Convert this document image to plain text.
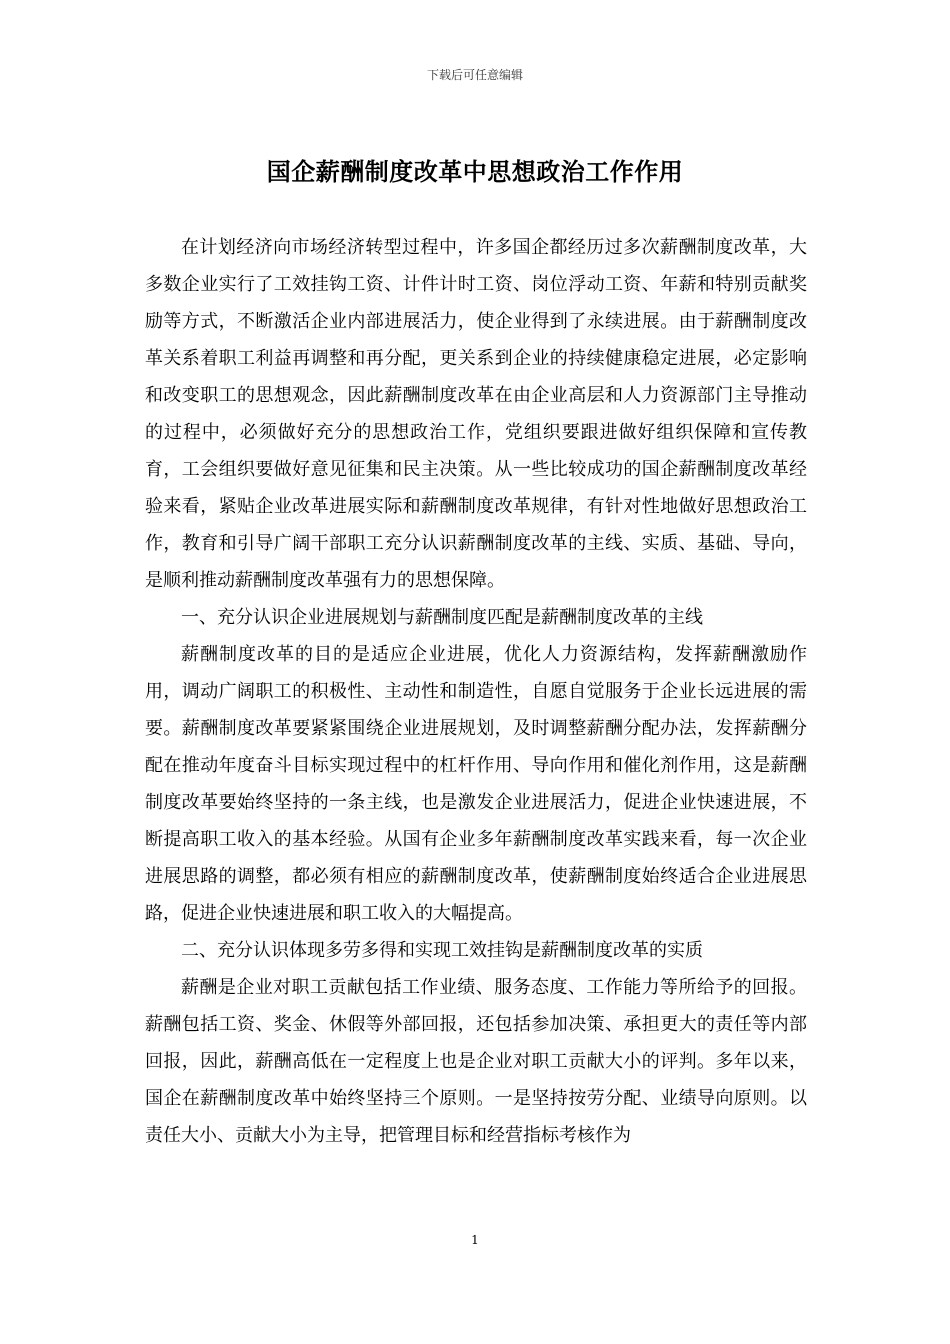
下载后可任意编辑
国企薪酬制度改革中思想政治工作作用

在计划经济向市场经济转型过程中，许多国企都经历过多次薪酬制度改革，大多数企业实行了工效挂钩工资、计件计时工资、岗位浮动工资、年薪和特别贡献奖励等方式，不断激活企业内部进展活力，使企业得到了永续进展。由于薪酬制度改革关系着职工利益再调整和再分配，更关系到企业的持续健康稳定进展，必定影响和改变职工的思想观念，因此薪酬制度改革在由企业高层和人力资源部门主导推动的过程中，必须做好充分的思想政治工作，党组织要跟进做好组织保障和宣传教育，工会组织要做好意见征集和民主决策。从一些比较成功的国企薪酬制度改革经验来看，紧贴企业改革进展实际和薪酬制度改革规律，有针对性地做好思想政治工作，教育和引导广阔干部职工充分认识薪酬制度改革的主线、实质、基础、导向，是顺利推动薪酬制度改革强有力的思想保障。

一、充分认识企业进展规划与薪酬制度匹配是薪酬制度改革的主线

薪酬制度改革的目的是适应企业进展，优化人力资源结构，发挥薪酬激励作用，调动广阔职工的积极性、主动性和制造性，自愿自觉服务于企业长远进展的需要。薪酬制度改革要紧紧围绕企业进展规划，及时调整薪酬分配办法，发挥薪酬分配在推动年度奋斗目标实现过程中的杠杆作用、导向作用和催化剂作用，这是薪酬制度改革要始终坚持的一条主线，也是激发企业进展活力，促进企业快速进展，不断提高职工收入的基本经验。从国有企业多年薪酬制度改革实践来看，每一次企业进展思路的调整，都必须有相应的薪酬制度改革，使薪酬制度始终适合企业进展思路，促进企业快速进展和职工收入的大幅提高。

二、充分认识体现多劳多得和实现工效挂钩是薪酬制度改革的实质

薪酬是企业对职工贡献包括工作业绩、服务态度、工作能力等所给予的回报。薪酬包括工资、奖金、休假等外部回报，还包括参加决策、承担更大的责任等内部回报，因此，薪酬高低在一定程度上也是企业对职工贡献大小的评判。多年以来，国企在薪酬制度改革中始终坚持三个原则。一是坚持按劳分配、业绩导向原则。以责任大小、贡献大小为主导，把管理目标和经营指标考核作为

1
